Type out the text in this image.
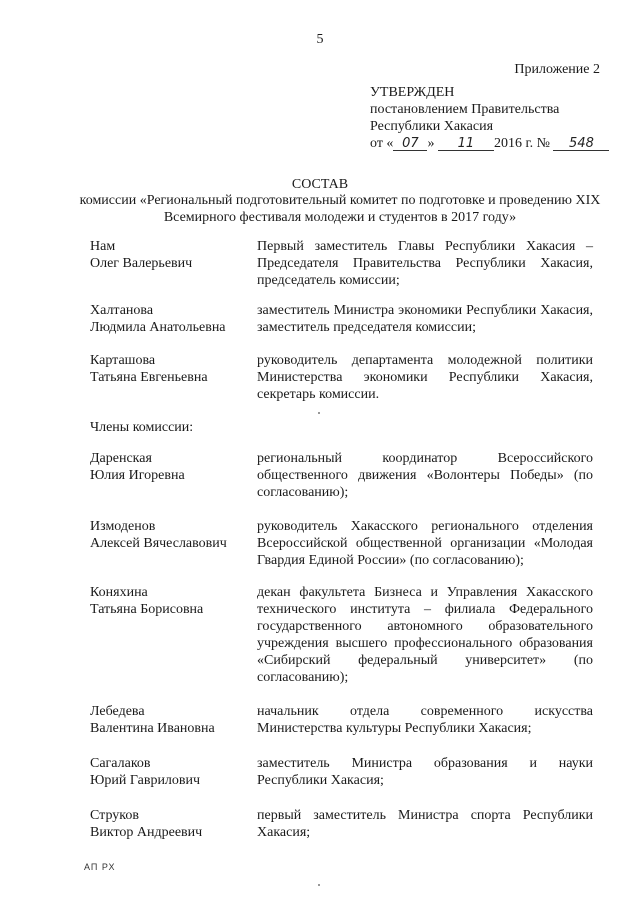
5
Приложение 2
УТВЕРЖДЕН
постановлением Правительства
Республики Хакасия
от « 07 » 11 2016 г. № 548
СОСТАВ
комиссии «Региональный подготовительный комитет по подготовке и проведению XIX Всемирного фестиваля молодежи и студентов в 2017 году»
Нам
Олег Валерьевич
Первый заместитель Главы Республики Хакасия – Председателя Правительства Республики Хакасия, председатель комиссии;
Халтанова
Людмила Анатольевна
заместитель Министра экономики Республики Хакасия, заместитель председателя комиссии;
Карташова
Татьяна Евгеньевна
руководитель департамента молодежной политики Министерства экономики Республики Хакасия, секретарь комиссии.
Члены комиссии:
Даренская
Юлия Игоревна
региональный координатор Всероссийского общественного движения «Волонтеры Победы» (по согласованию);
Измоденов
Алексей Вячеславович
руководитель Хакасского регионального отделения Всероссийской общественной организации «Молодая Гвардия Единой России» (по согласованию);
Коняхина
Татьяна Борисовна
декан факультета Бизнеса и Управления Хакасского технического института – филиала Федерального государственного автономного образовательного учреждения высшего профессионального образования «Сибирский федеральный университет» (по согласованию);
Лебедева
Валентина Ивановна
начальник отдела современного искусства Министерства культуры Республики Хакасия;
Сагалаков
Юрий Гаврилович
заместитель Министра образования и науки Республики Хакасия;
Струков
Виктор Андреевич
первый заместитель Министра спорта Республики Хакасия;
АП РХ
